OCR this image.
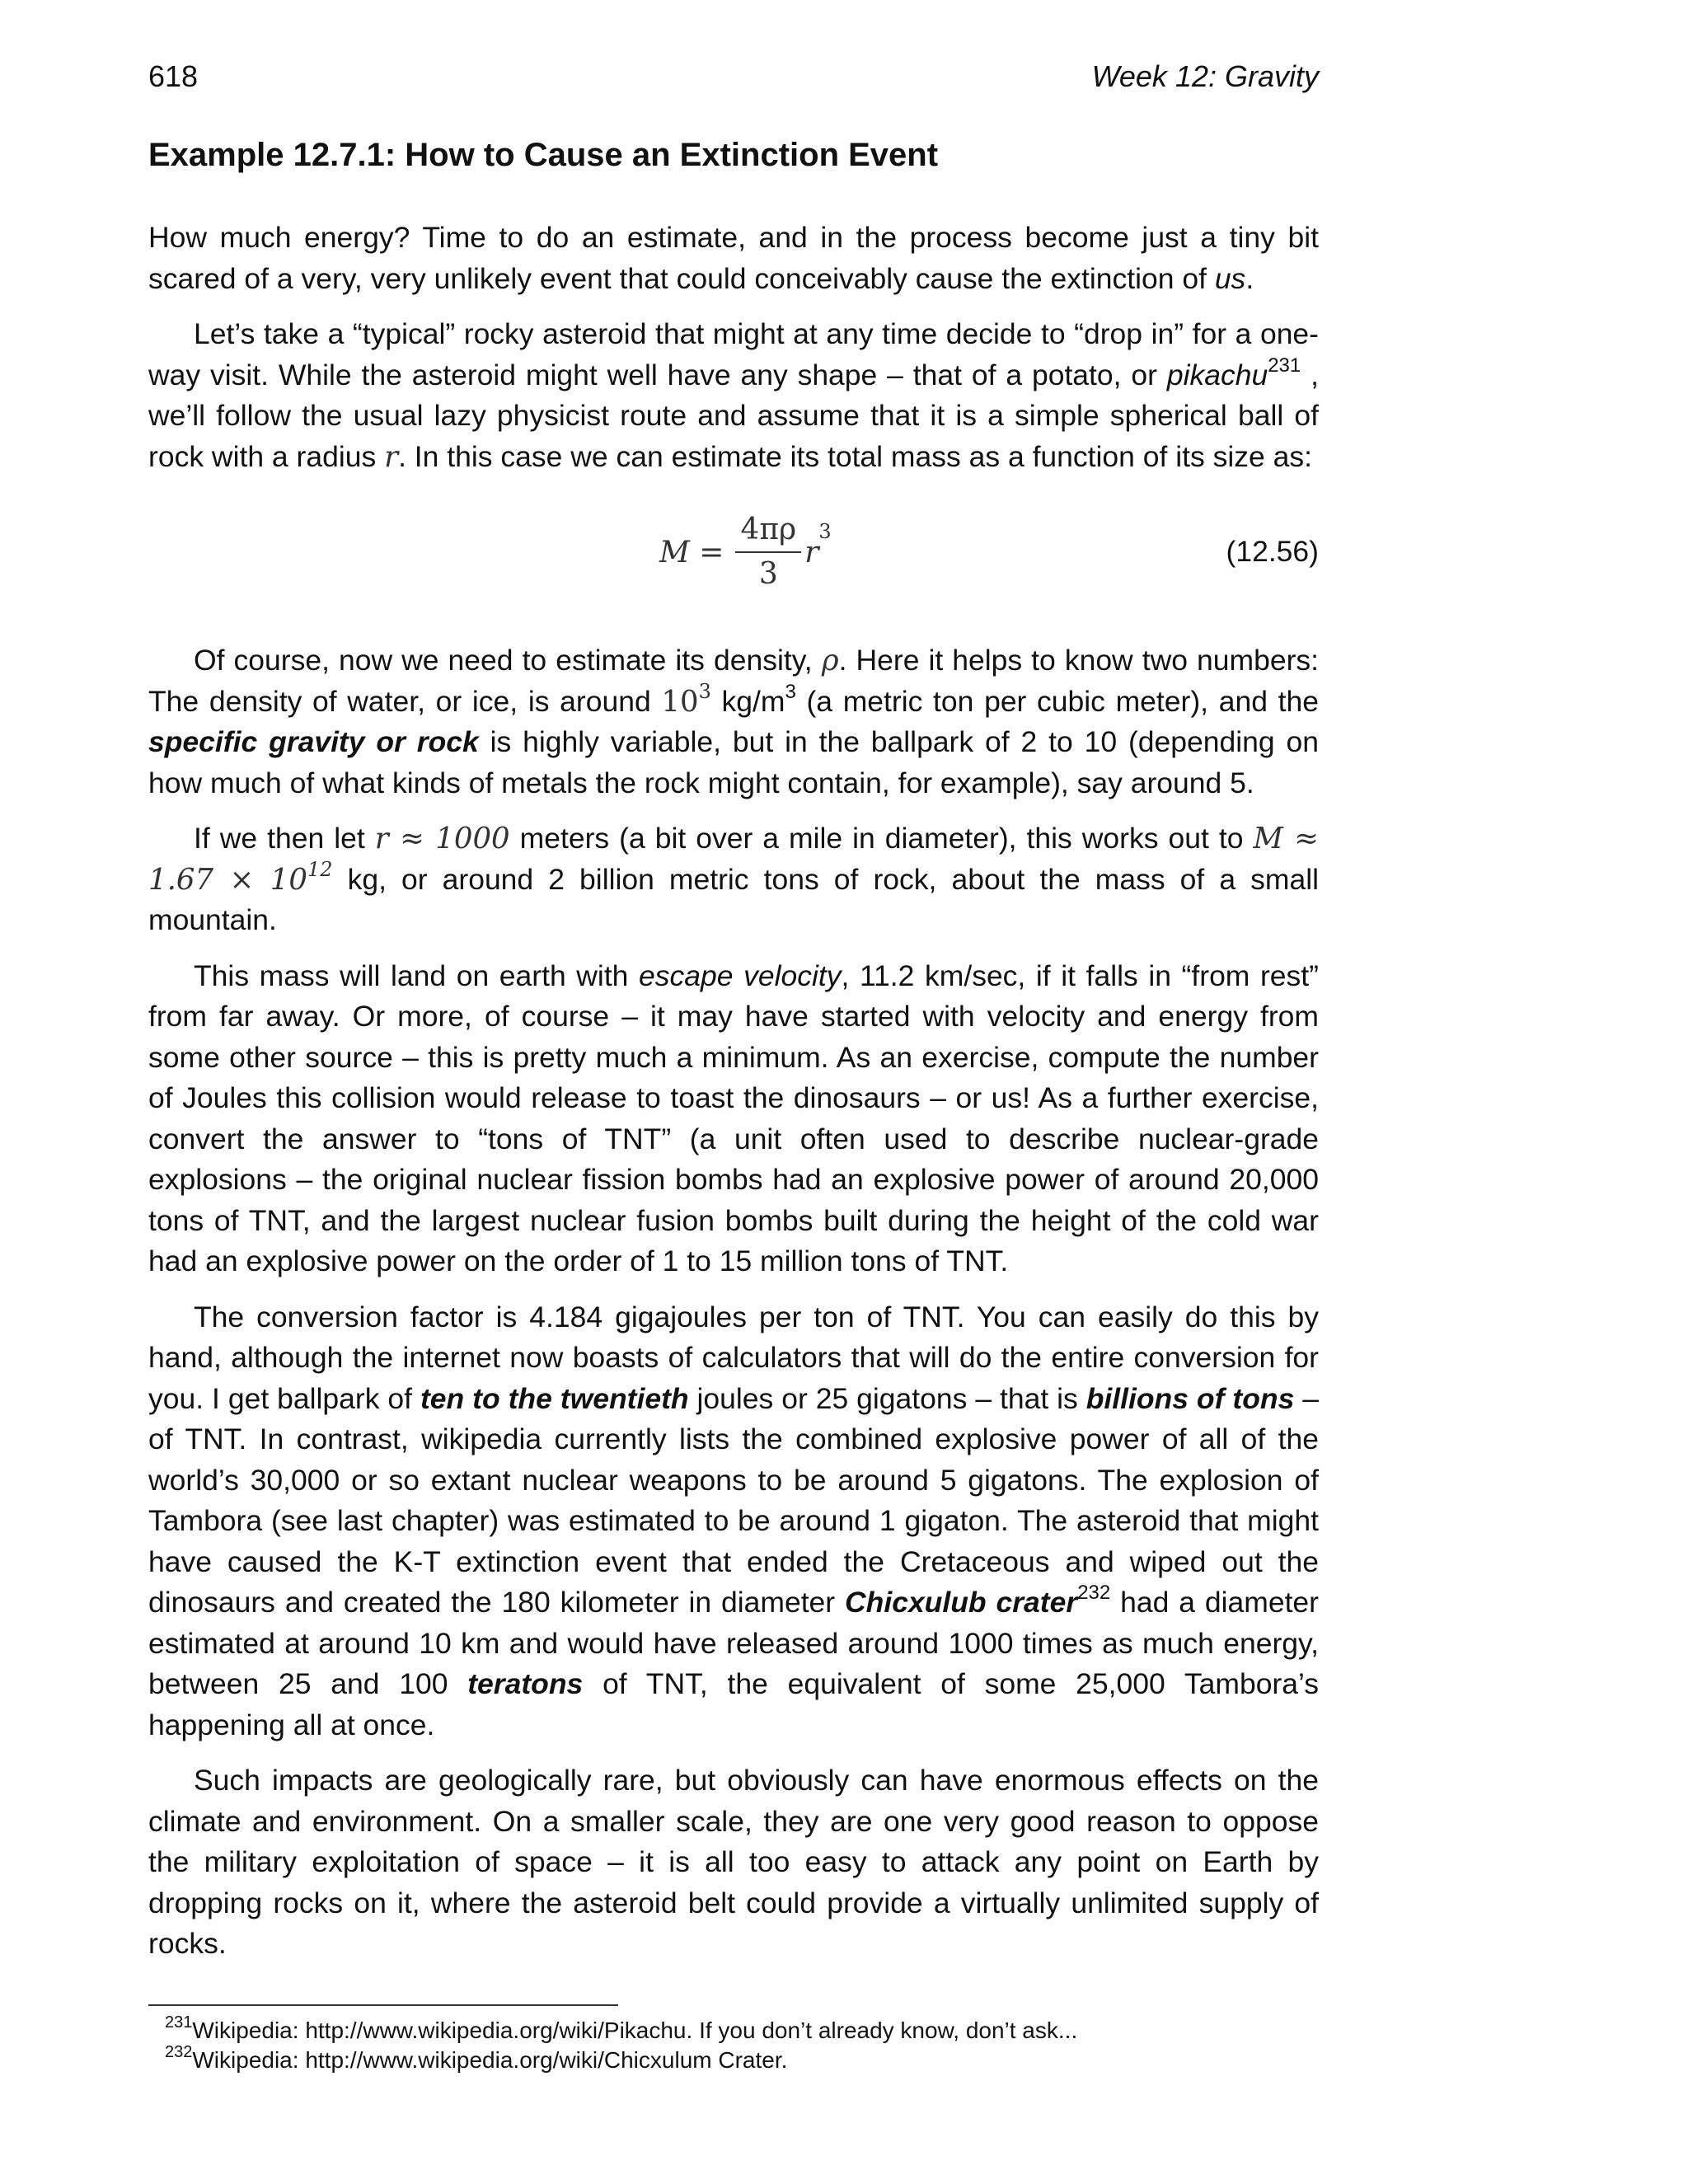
618	Week 12: Gravity
Example 12.7.1: How to Cause an Extinction Event

How much energy? Time to do an estimate, and in the process become just a tiny bit scared of a very, very unlikely event that could conceivably cause the extinction of us.

Let’s take a “typical” rocky asteroid that might at any time decide to “drop in” for a one-way visit. While the asteroid might well have any shape – that of a potato, or pikachu$^{231}$ , we’ll follow the usual lazy physicist route and assume that it is a simple spherical ball of rock with a radius r. In this case we can estimate its total mass as a function of its size as:

$M = \frac{4\pi\rho}{3} r^3$
(12.56)

Of course, now we need to estimate its density, ρ. Here it helps to know two numbers: The density of water, or ice, is around $10^3$ $kg/m^3$ (a metric ton per cubic meter), and the specific gravity or rock is highly variable, but in the ballpark of 2 to 10 (depending on how much of what kinds of metals the rock might contain, for example), say around 5.

If we then let r ≈ 1000 meters (a bit over a mile in diameter), this works out to $M \approx 1.67 \times 10^{12}$ kg, or around 2 billion metric tons of rock, about the mass of a small mountain.

This mass will land on earth with escape velocity, 11.2 km/sec, if it falls in “from rest” from far away. Or more, of course – it may have started with velocity and energy from some other source – this is pretty much a minimum. As an exercise, compute the number of Joules this collision would release to toast the dinosaurs – or us! As a further exercise, convert the answer to “tons of TNT” (a unit often used to describe nuclear-grade explosions – the original nuclear fission bombs had an explosive power of around 20,000 tons of TNT, and the largest nuclear fusion bombs built during the height of the cold war had an explosive power on the order of 1 to 15 million tons of TNT.

The conversion factor is 4.184 gigajoules per ton of TNT. You can easily do this by hand, although the internet now boasts of calculators that will do the entire conversion for you. I get ballpark of ten to the twentieth joules or 25 gigatons – that is billions of tons – of TNT. In contrast, wikipedia currently lists the combined explosive power of all of the world’s 30,000 or so extant nuclear weapons to be around 5 gigatons. The explosion of Tambora (see last chapter) was estimated to be around 1 gigaton. The asteroid that might have caused the K-T extinction event that ended the Cretaceous and wiped out the dinosaurs and created the 180 kilometer in diameter Chicxulub crater$^{232}$ had a diameter estimated at around 10 km and would have released around 1000 times as much energy, between 25 and 100 teratons of TNT, the equivalent of some 25,000 Tambora’s happening all at once.

Such impacts are geologically rare, but obviously can have enormous effects on the climate and environment. On a smaller scale, they are one very good reason to oppose the military exploitation of space – it is all too easy to attack any point on Earth by dropping rocks on it, where the asteroid belt could provide a virtually unlimited supply of rocks.

$^{231}$Wikipedia: http://www.wikipedia.org/wiki/Pikachu. If you don’t already know, don’t ask...

$^{232}$Wikipedia: http://www.wikipedia.org/wiki/Chicxulum Crater.
